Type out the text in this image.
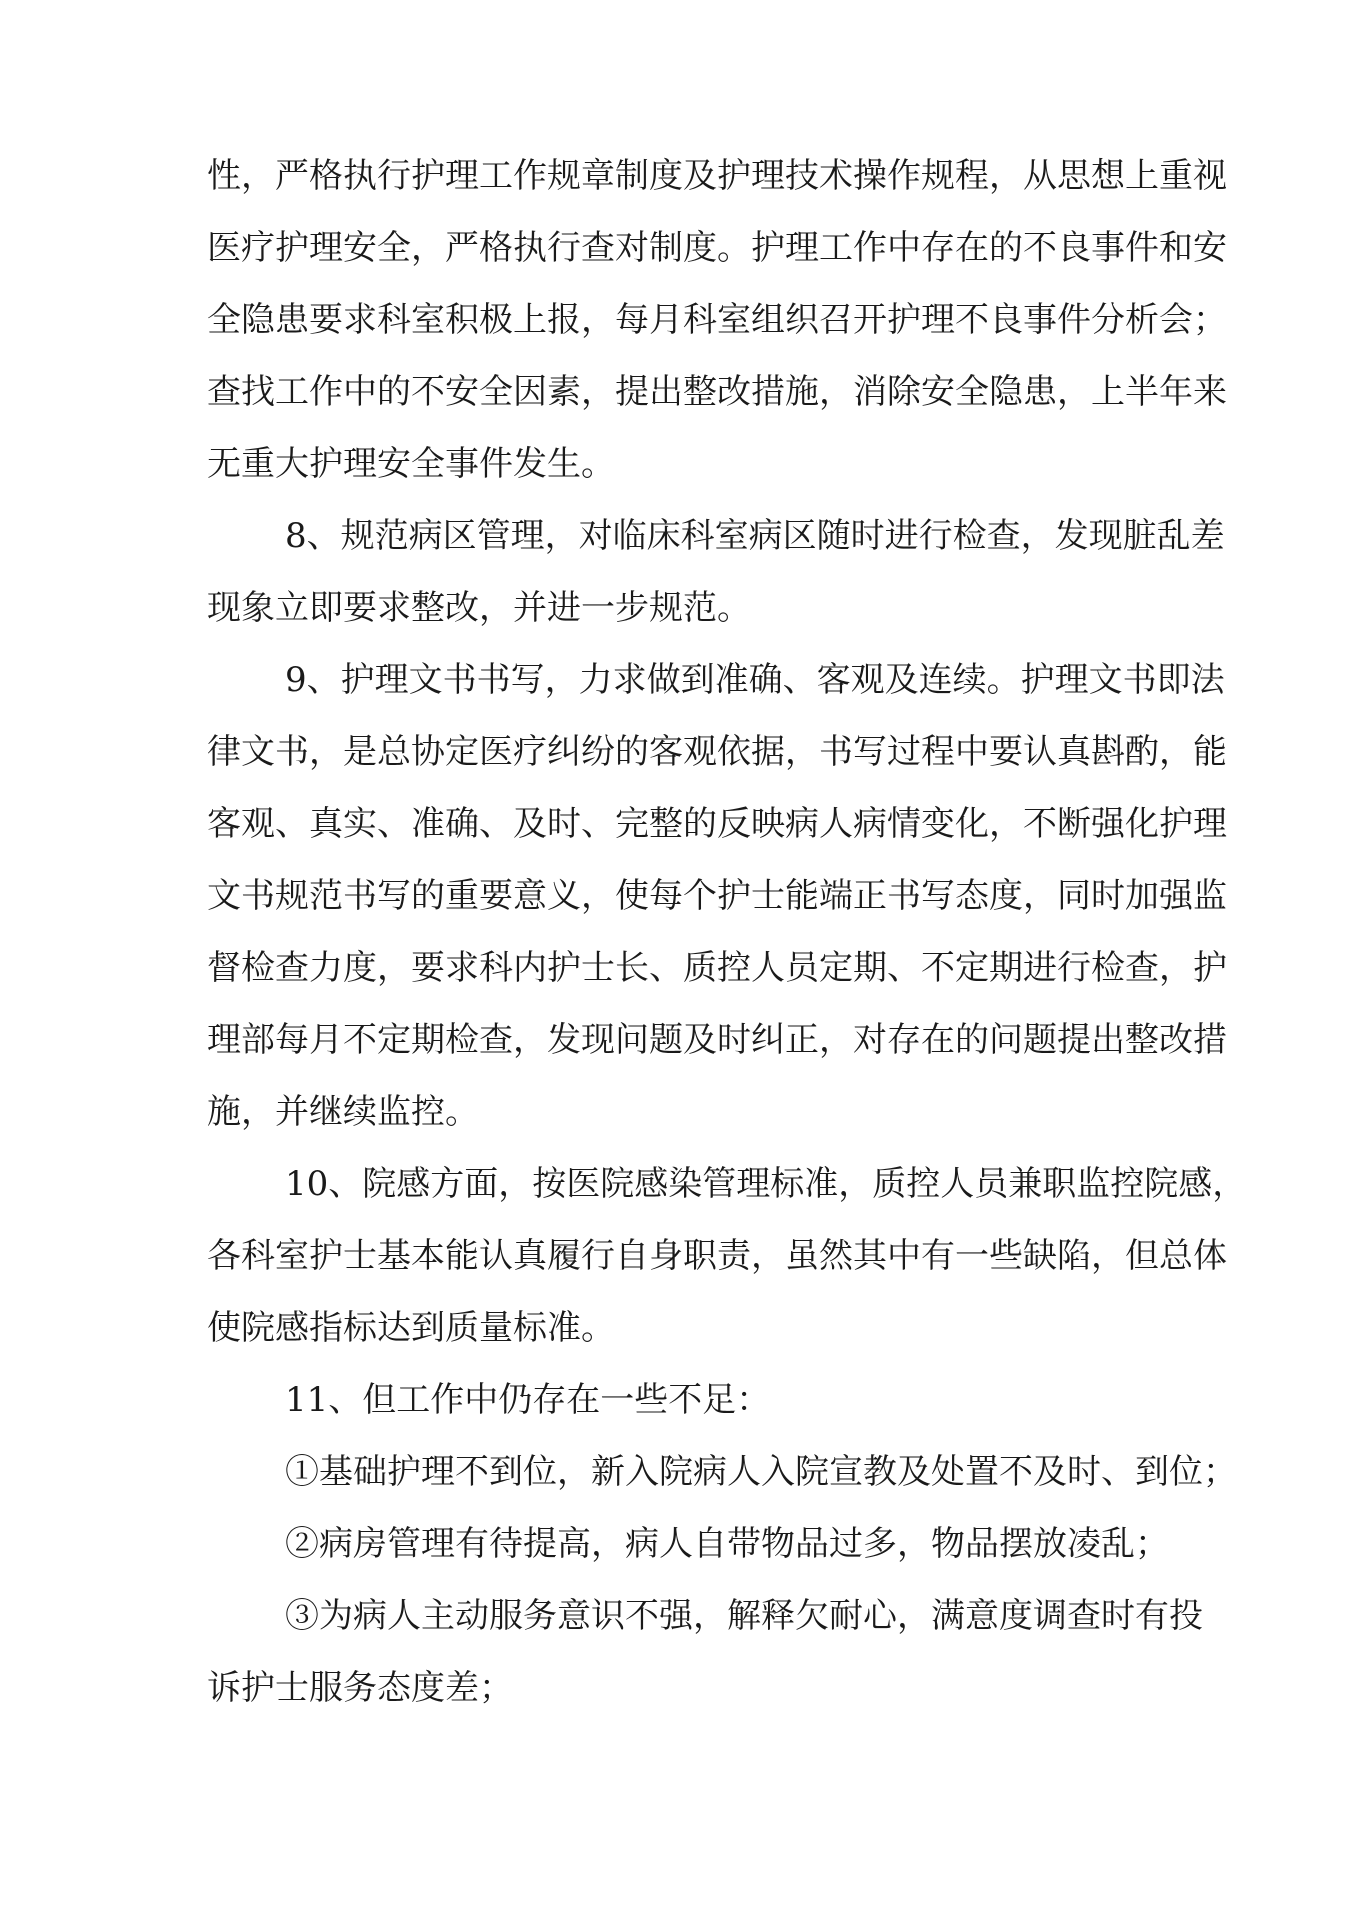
性，严格执行护理工作规章制度及护理技术操作规程，从思想上重视
医疗护理安全，严格执行查对制度。护理工作中存在的不良事件和安
全隐患要求科室积极上报，每月科室组织召开护理不良事件分析会；
查找工作中的不安全因素，提出整改措施，消除安全隐患，上半年来
无重大护理安全事件发生。
8、规范病区管理，对临床科室病区随时进行检查，发现脏乱差
现象立即要求整改，并进一步规范。
9、护理文书书写，力求做到准确、客观及连续。护理文书即法
律文书，是总协定医疗纠纷的客观依据，书写过程中要认真斟酌，能
客观、真实、准确、及时、完整的反映病人病情变化，不断强化护理
文书规范书写的重要意义，使每个护士能端正书写态度，同时加强监
督检查力度，要求科内护士长、质控人员定期、不定期进行检查，护
理部每月不定期检查，发现问题及时纠正，对存在的问题提出整改措
施，并继续监控。
10、院感方面，按医院感染管理标准，质控人员兼职监控院感，
各科室护士基本能认真履行自身职责，虽然其中有一些缺陷，但总体
使院感指标达到质量标准。
11、但工作中仍存在一些不足：
①基础护理不到位，新入院病人入院宣教及处置不及时、到位；
②病房管理有待提高，病人自带物品过多，物品摆放凌乱；
③为病人主动服务意识不强，解释欠耐心，满意度调查时有投
诉护士服务态度差；
